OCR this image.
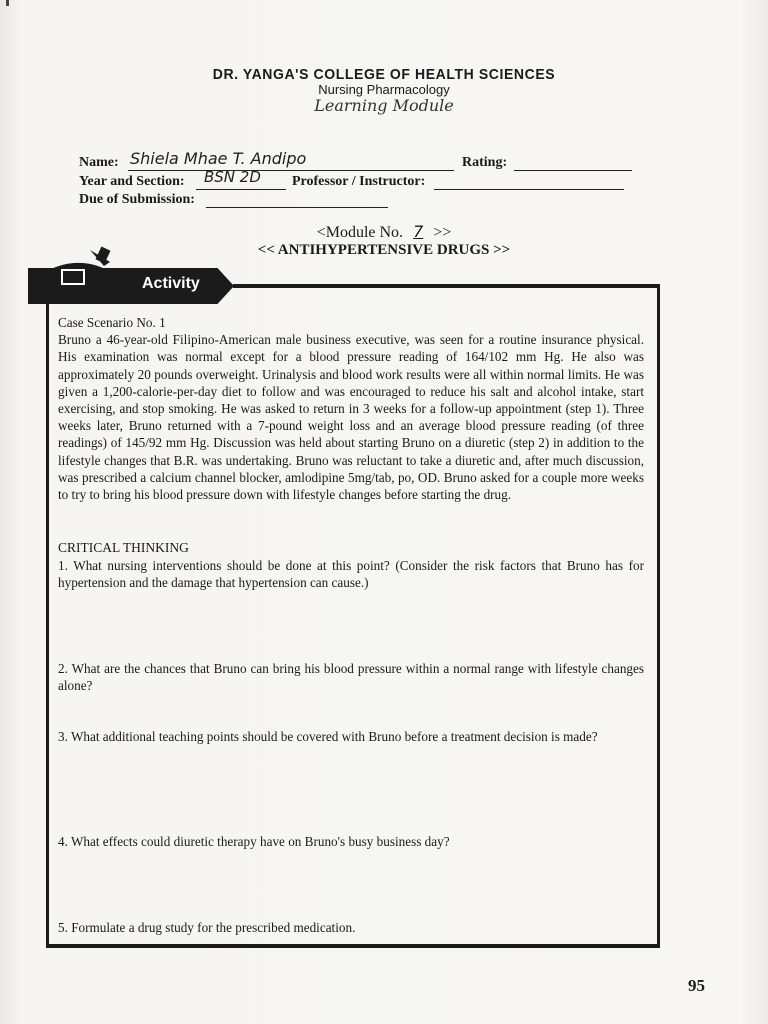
DR. YANGA'S COLLEGE OF HEALTH SCIENCES
Nursing Pharmacology
Learning Module
Name: Shiela Mhae T. Andipo	Rating:
Year and Section: BSN 2D Professor / Instructor:
Due of Submission:
<Module No. 7 >>
<< ANTIHYPERTENSIVE DRUGS >>
Activity
Case Scenario No. 1

Bruno a 46-year-old Filipino-American male business executive, was seen for a routine insurance physical. His examination was normal except for a blood pressure reading of 164/102 mm Hg. He also was approximately 20 pounds overweight. Urinalysis and blood work results were all within normal limits. He was given a 1,200-calorie-per-day diet to follow and was encouraged to reduce his salt and alcohol intake, start exercising, and stop smoking. He was asked to return in 3 weeks for a follow-up appointment (step 1). Three weeks later, Bruno returned with a 7-pound weight loss and an average blood pressure reading (of three readings) of 145/92 mm Hg. Discussion was held about starting Bruno on a diuretic (step 2) in addition to the lifestyle changes that B.R. was undertaking. Bruno was reluctant to take a diuretic and, after much discussion, was prescribed a calcium channel blocker, amlodipine 5mg/tab, po, OD. Bruno asked for a couple more weeks to try to bring his blood pressure down with lifestyle changes before starting the drug.

CRITICAL THINKING
1. What nursing interventions should be done at this point? (Consider the risk factors that Bruno has for hypertension and the damage that hypertension can cause.)
2. What are the chances that Bruno can bring his blood pressure within a normal range with lifestyle changes alone?
3. What additional teaching points should be covered with Bruno before a treatment decision is made?
4. What effects could diuretic therapy have on Bruno's busy business day?
5. Formulate a drug study for the prescribed medication.
95
